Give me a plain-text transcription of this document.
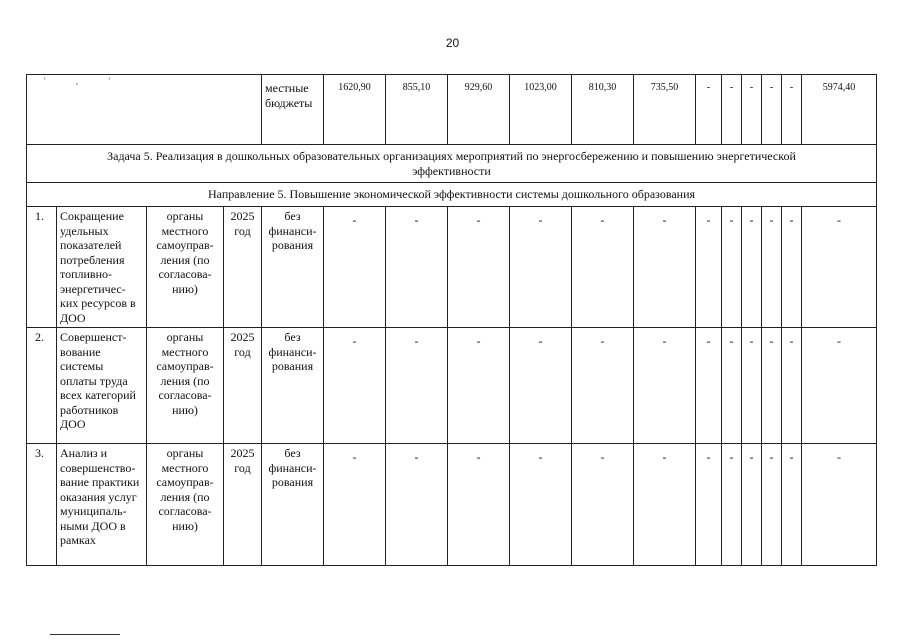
20
' , '
				местные бюджеты	1620,90	855,10	929,60	1023,00	810,30	735,50	-	-	-	-	-	5974,40
Задача 5. Реализация в дошкольных образовательных организациях мероприятий по энергосбережению и повышению энергетической эффективности																
Направление 5. Повышение экономической эффективности системы дошкольного образования																
1.	Сокращение удельных показателей потребления топливно-энергетичес-ких ресурсов в ДОО	органы местного самоуправ-ления (по согласова-нию)	2025 год	без финанси-рования	-	-	-	-	-	-	-	-	-	-	-	-
2.	Совершенст-вование системы оплаты труда всех категорий работников ДОО	органы местного самоуправ-ления (по согласова-нию)	2025 год	без финанси-рования	-	-	-	-	-	-	-	-	-	-	-	-
3.	Анализ и совершенство-вание практики оказания услуг муниципаль-ными ДОО в рамках	органы местного самоуправ-ления (по согласова-нию)	2025 год	без финанси-рования	-	-	-	-	-	-	-	-	-	-	-	-
